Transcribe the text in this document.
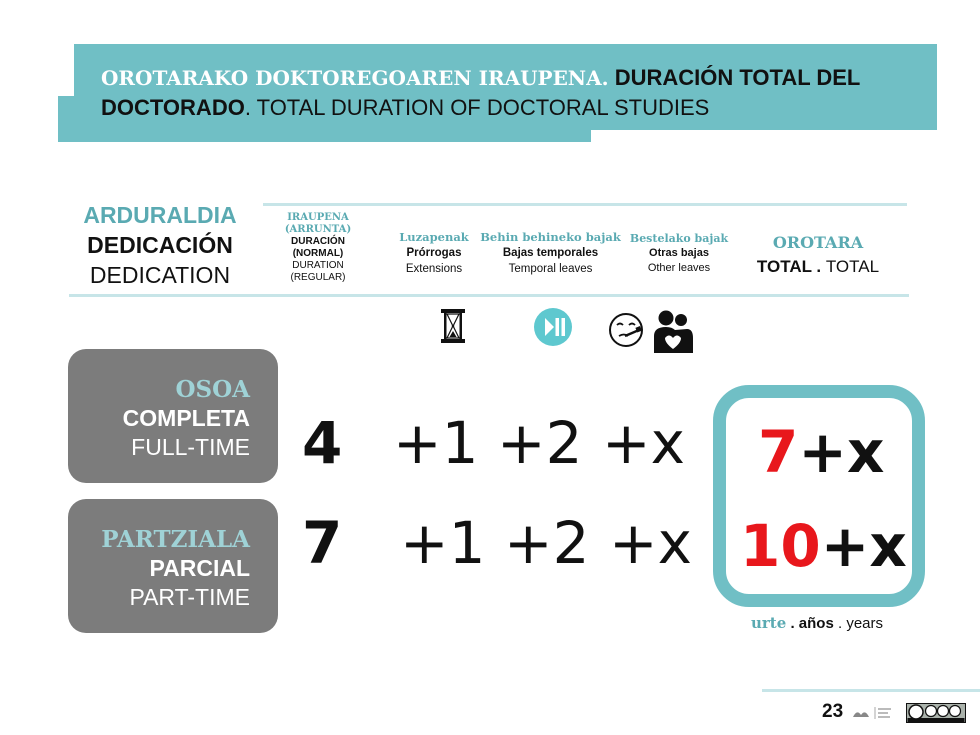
OROTARAKO DOKTOREGOAREN IRAUPENA. DURACIÓN TOTAL DEL DOCTORADO. TOTAL DURATION OF DOCTORAL STUDIES
ARDURALDIA
DEDICACIÓN
DEDICATION
IRAUPENA (ARRUNTA)
DURACIÓN (NORMAL)
DURATION (REGULAR)
Luzapenak
Prórrogas
Extensions
Behin behineko bajak
Bajas temporales
Temporal leaves
Bestelako bajak
Otras bajas
Other leaves
OROTARA
TOTAL . TOTAL
OSOA
COMPLETA
FULL-TIME
PARTZIALA
PARCIAL
PART-TIME
4 +1 +2 +x
7 +1 +2 +x
7+x
10+x
urte . años . years
23
